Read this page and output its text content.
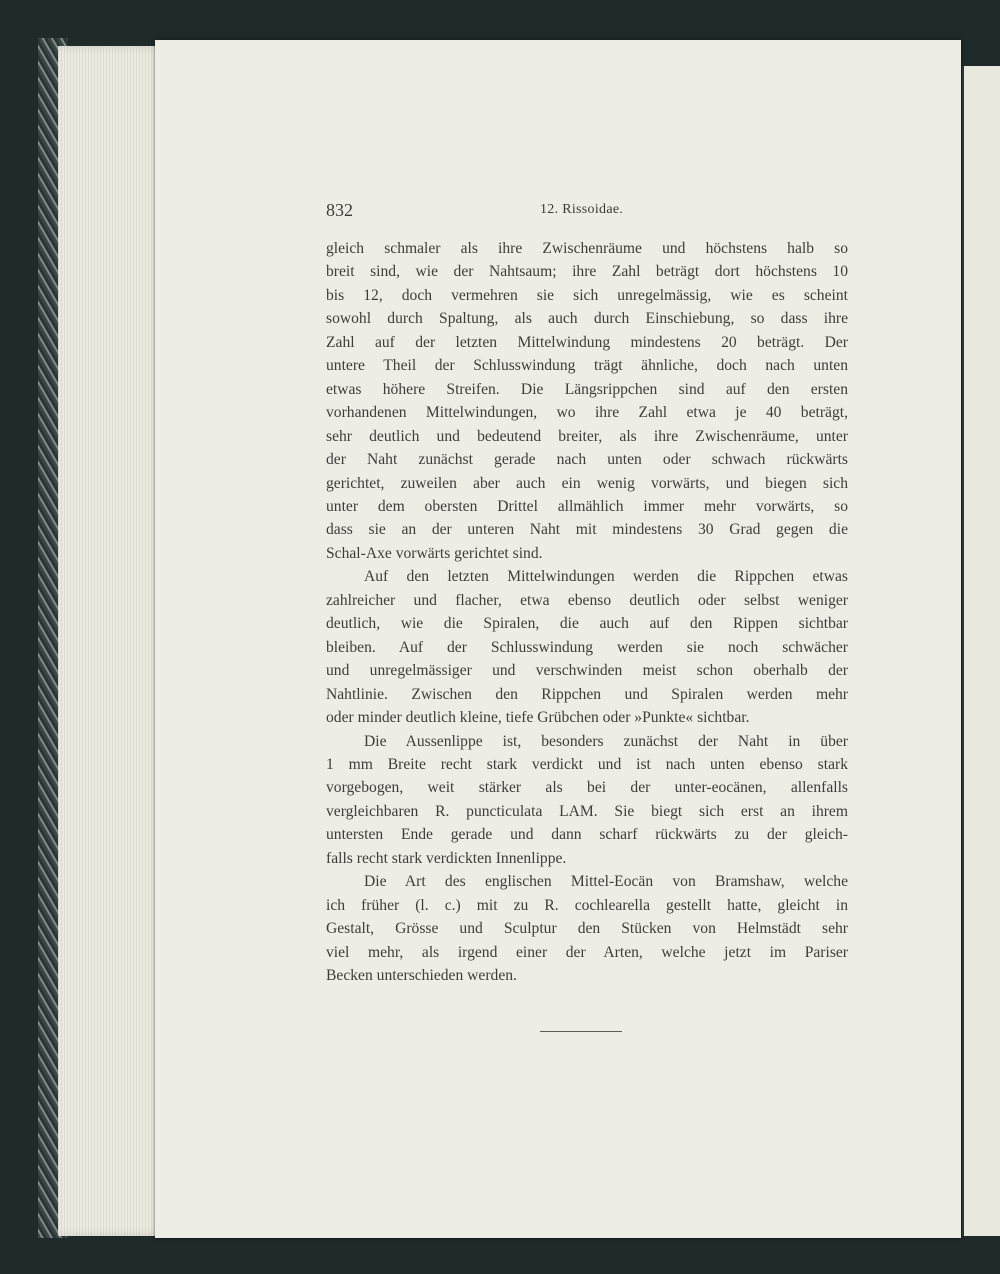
832	12. Rissoidae.
gleich schmaler als ihre Zwischenräume und höchstens halb so
breit sind, wie der Nahtsaum; ihre Zahl beträgt dort höchstens 10
bis 12, doch vermehren sie sich unregelmässig, wie es scheint
sowohl durch Spaltung, als auch durch Einschiebung, so dass ihre
Zahl auf der letzten Mittelwindung mindestens 20 beträgt. Der
untere Theil der Schlusswindung trägt ähnliche, doch nach unten
etwas höhere Streifen. Die Längsrippchen sind auf den ersten
vorhandenen Mittelwindungen, wo ihre Zahl etwa je 40 beträgt,
sehr deutlich und bedeutend breiter, als ihre Zwischenräume, unter
der Naht zunächst gerade nach unten oder schwach rückwärts
gerichtet, zuweilen aber auch ein wenig vorwärts, und biegen sich
unter dem obersten Drittel allmählich immer mehr vorwärts, so
dass sie an der unteren Naht mit mindestens 30 Grad gegen die
Schal-Axe vorwärts gerichtet sind.
Auf den letzten Mittelwindungen werden die Rippchen etwas
zahlreicher und flacher, etwa ebenso deutlich oder selbst weniger
deutlich, wie die Spiralen, die auch auf den Rippen sichtbar
bleiben. Auf der Schlusswindung werden sie noch schwächer
und unregelmässiger und verschwinden meist schon oberhalb der
Nahtlinie. Zwischen den Rippchen und Spiralen werden mehr
oder minder deutlich kleine, tiefe Grübchen oder »Punkte« sichtbar.
Die Aussenlippe ist, besonders zunächst der Naht in über
1 mm Breite recht stark verdickt und ist nach unten ebenso stark
vorgebogen, weit stärker als bei der unter-eocänen, allenfalls
vergleichbaren R. puncticulata LAM. Sie biegt sich erst an ihrem
untersten Ende gerade und dann scharf rückwärts zu der gleich-
falls recht stark verdickten Innenlippe.
Die Art des englischen Mittel-Eocän von Bramshaw, welche
ich früher (l. c.) mit zu R. cochlearella gestellt hatte, gleicht in
Gestalt, Grösse und Sculptur den Stücken von Helmstädt sehr
viel mehr, als irgend einer der Arten, welche jetzt im Pariser
Becken unterschieden werden.
